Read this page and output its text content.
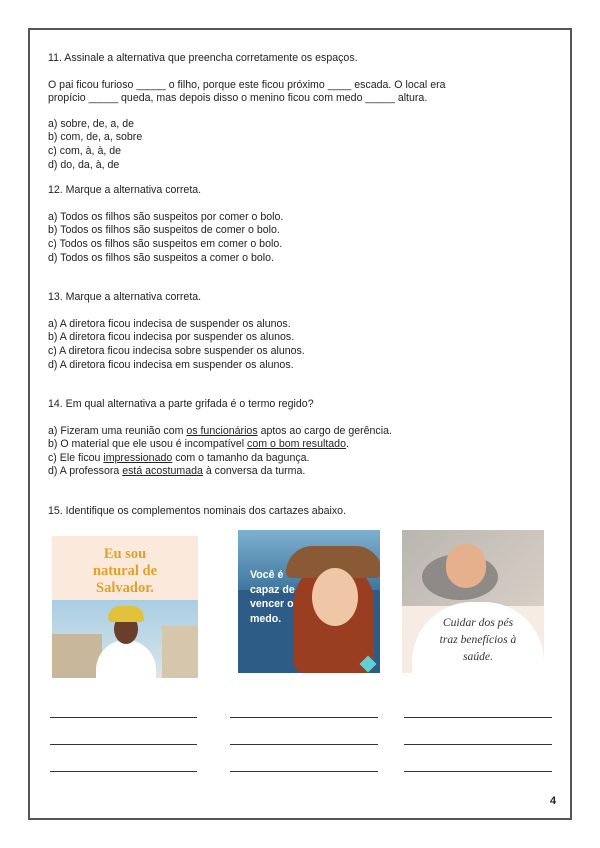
11. Assinale a alternativa que preencha corretamente os espaços.
O pai ficou furioso _____ o filho, porque este ficou próximo ____ escada. O local era
propício _____ queda, mas depois disso o menino ficou com medo _____ altura.
a) sobre, de, a, de
b) com, de, a, sobre
c) com, à, à, de
d) do, da, à, de
12. Marque a alternativa correta.
a) Todos os filhos são suspeitos por comer o bolo.
b) Todos os filhos são suspeitos de comer o bolo.
c) Todos os filhos são suspeitos em comer o bolo.
d) Todos os filhos são suspeitos a comer o bolo.
13. Marque a alternativa correta.
a) A diretora ficou indecisa de suspender os alunos.
b) A diretora ficou indecisa por suspender os alunos.
c) A diretora ficou indecisa sobre suspender os alunos.
d) A diretora ficou indecisa em suspender os alunos.
14. Em qual alternativa a parte grifada é o termo regido?
a) Fizeram uma reunião com os funcionários aptos ao cargo de gerência.
b) O material que ele usou é incompatível com o bom resultado.
c) Ele ficou impressionado com o tamanho da bagunça.
d) A professora está acostumada à conversa da turma.
15. Identifique os complementos nominais dos cartazes abaixo.
Eu sou
natural de
Salvador.
Você é
capaz de
vencer o
medo.	Cuidar dos pés
traz benefícios à
saúde.
4
